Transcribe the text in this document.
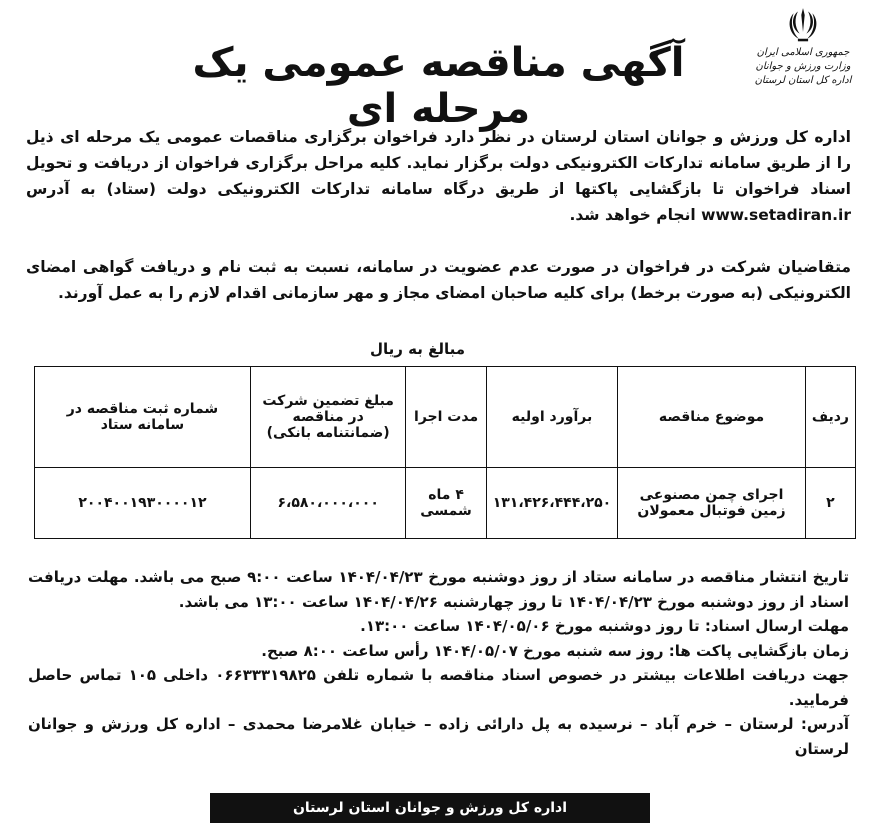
جمهوری اسلامی ایران
وزارت ورزش و جوانان
اداره کل استان لرستان
آگهی مناقصه عمومی یک مرحله ای
اداره کل ورزش و جوانان استان لرستان در نظر دارد فراخوان برگزاری مناقصات عمومی یک مرحله ای ذیل را از طریق سامانه تدارکات الکترونیکی دولت برگزار نماید. کلیه مراحل برگزاری فراخوان از دریافت و تحویل اسناد فراخوان تا بازگشایی پاکتها از طریق درگاه سامانه تدارکات الکترونیکی دولت (ستاد) به آدرس www.setadiran.ir انجام خواهد شد.
متقاضیان شرکت در فراخوان در صورت عدم عضویت در سامانه، نسبت به ثبت نام و دریافت گواهی امضای الکترونیکی (به صورت برخط) برای کلیه صاحبان امضای مجاز و مهر سازمانی اقدام لازم را به عمل آورند.
مبالغ به ریال
ردیف	موضوع مناقصه	برآورد اولیه	مدت اجرا	مبلغ تضمین شرکت در مناقصه (ضمانتنامه بانکی)	شماره ثبت مناقصه در سامانه ستاد
۲	اجرای چمن مصنوعی زمین فوتبال معمولان	۱۳۱،۴۲۶،۴۴۴،۲۵۰	۴ ماه شمسی	۶،۵۸۰،۰۰۰،۰۰۰	۲۰۰۴۰۰۱۹۳۰۰۰۰۱۲

تاریخ انتشار مناقصه در سامانه ستاد از روز دوشنبه مورخ ۱۴۰۴/۰۴/۲۳ ساعت ۹:۰۰ صبح می باشد. مهلت دریافت اسناد از روز دوشنبه مورخ ۱۴۰۴/۰۴/۲۳ تا روز چهارشنبه ۱۴۰۴/۰۴/۲۶ ساعت ۱۳:۰۰ می باشد.

مهلت ارسال اسناد: تا روز دوشنبه مورخ ۱۴۰۴/۰۵/۰۶ ساعت ۱۳:۰۰.

زمان بازگشایی پاکت ها: روز سه شنبه مورخ ۱۴۰۴/۰۵/۰۷ رأس ساعت ۸:۰۰ صبح.

جهت دریافت اطلاعات بیشتر در خصوص اسناد مناقصه با شماره تلفن ۰۶۶۳۳۳۱۹۸۲۵ داخلی ۱۰۵ تماس حاصل فرمایید.

آدرس: لرستان – خرم آباد – نرسیده به پل دارائی زاده – خیابان غلامرضا محمدی – اداره کل ورزش و جوانان لرستان

اداره کل ورزش و جوانان استان لرستان
